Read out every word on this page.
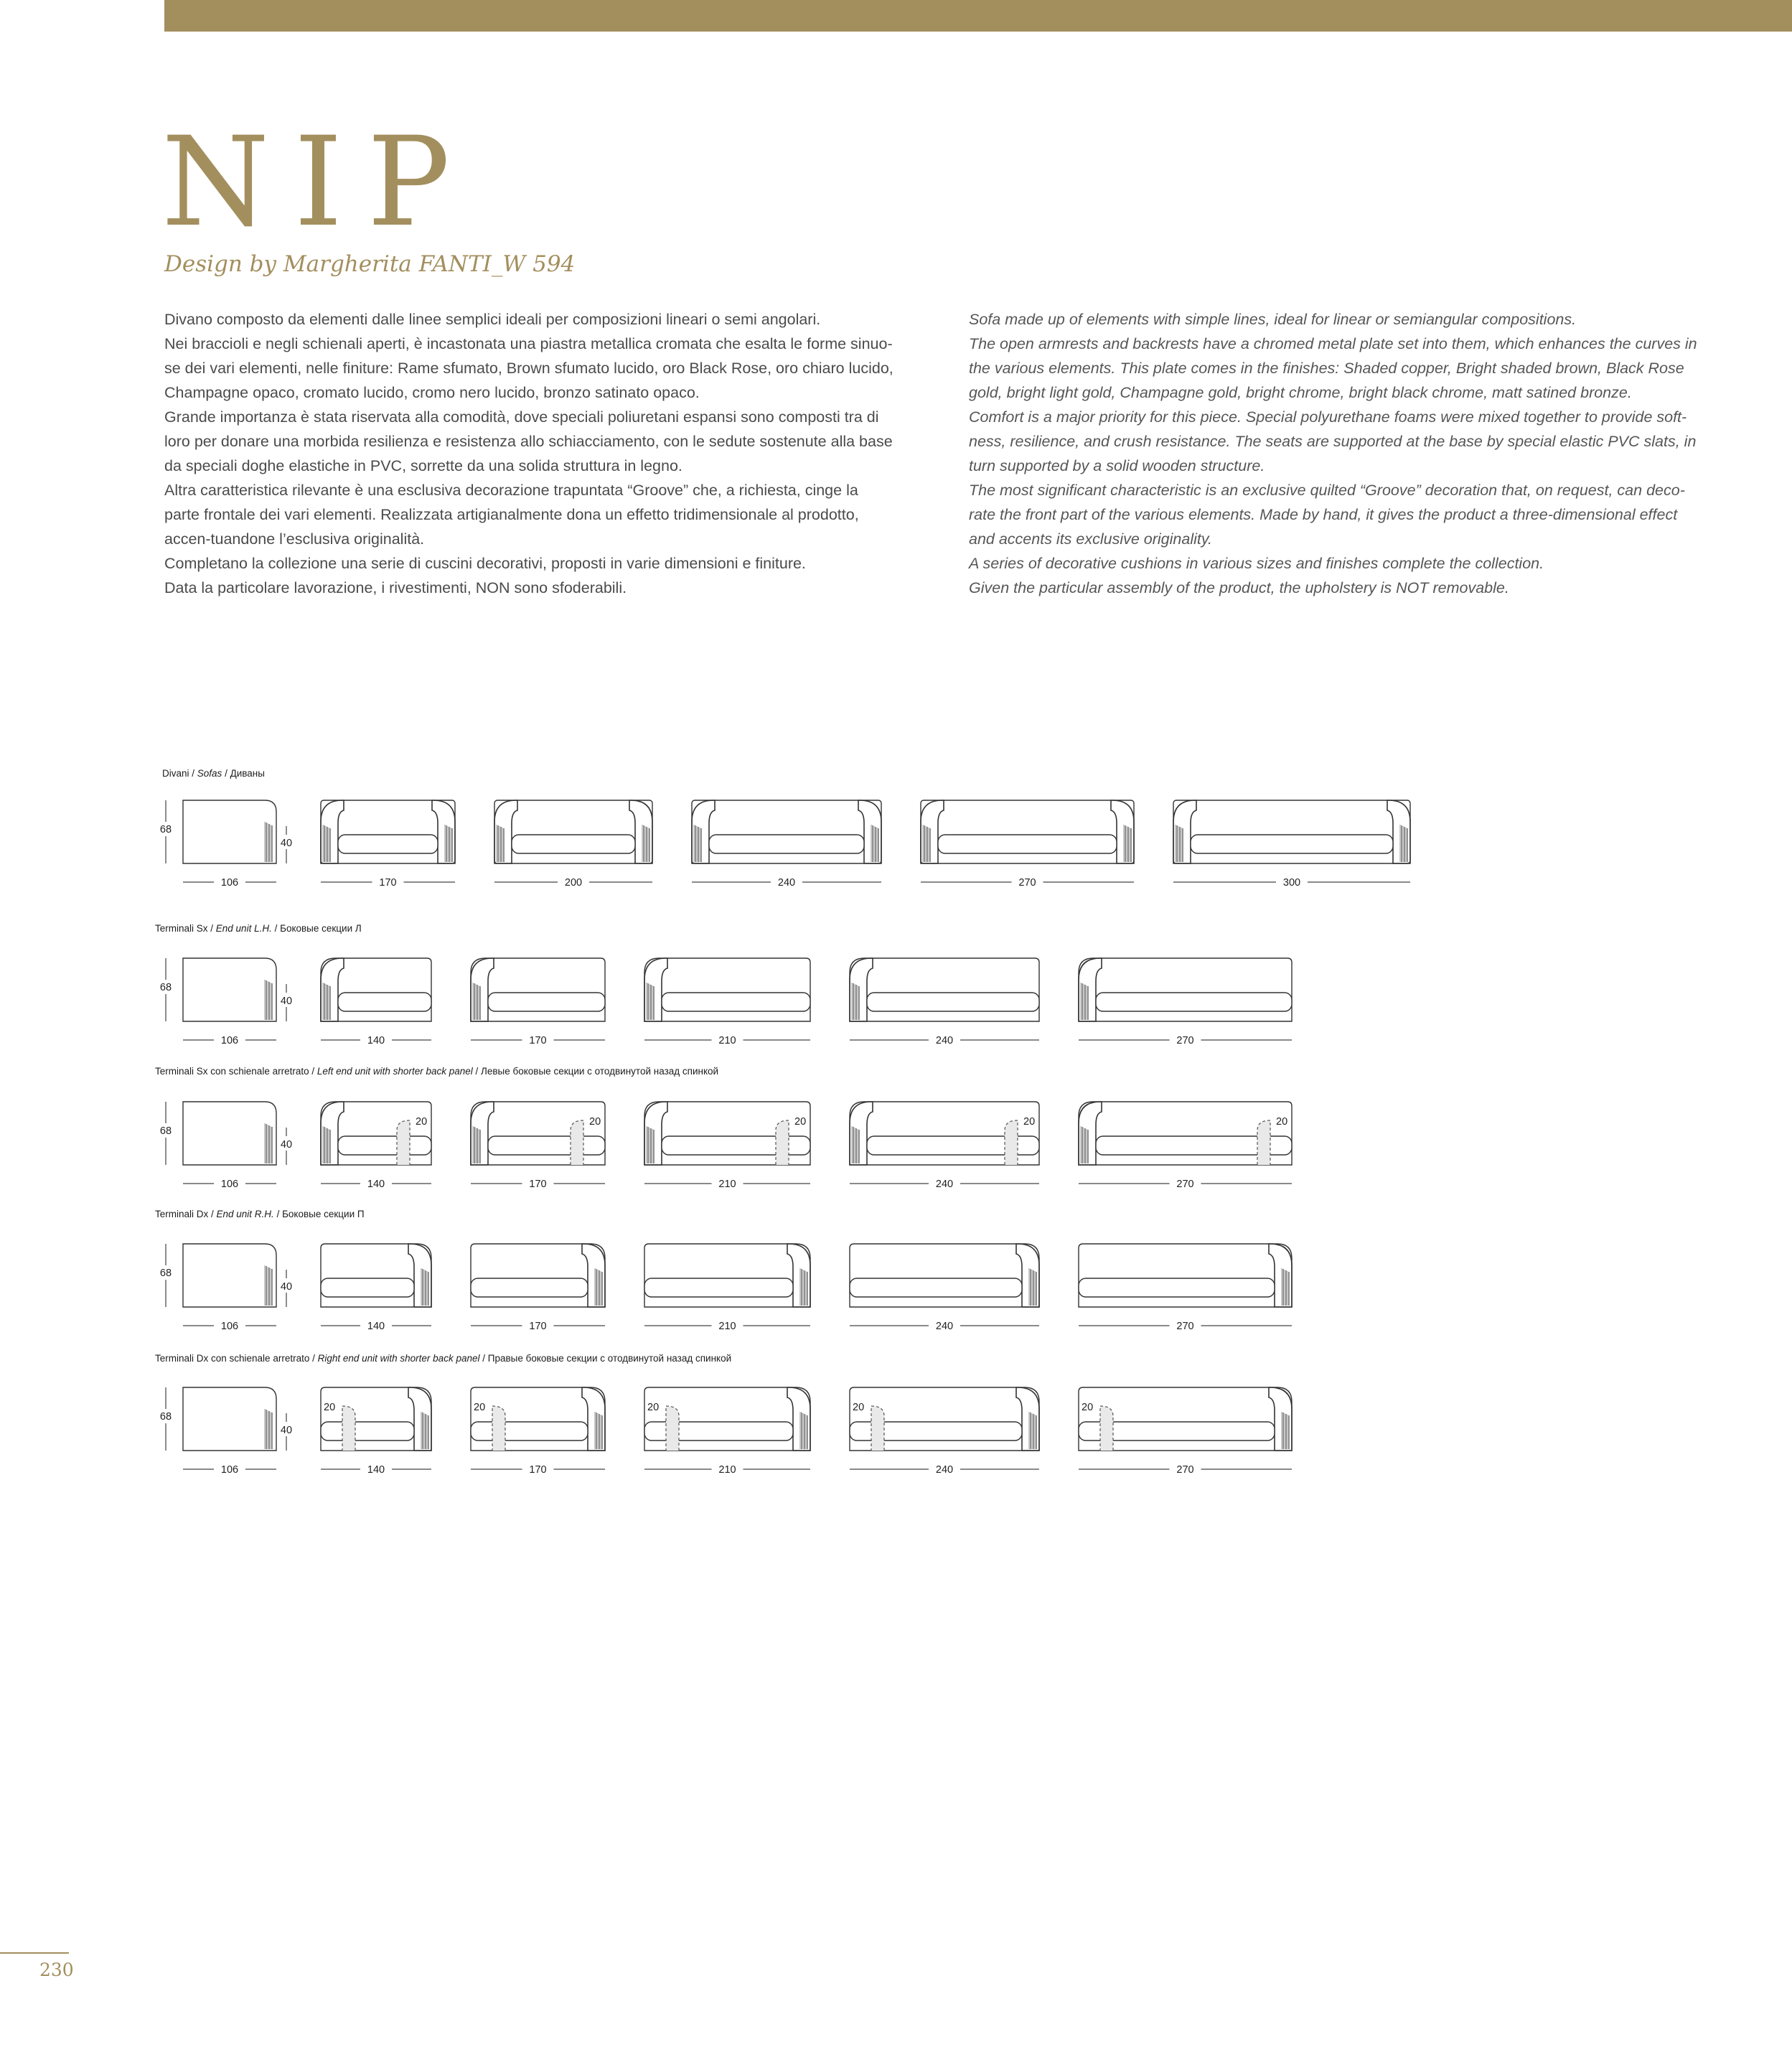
NIP
Design by Margherita FANTI_W 594

Divano composto da elementi dalle linee semplici ideali per composizioni lineari o semi angolari.

Nei braccioli e negli schienali aperti, è incastonata una piastra metallica cromata che esalta le forme sinuo-se dei vari elementi, nelle finiture: Rame sfumato, Brown sfumato lucido, oro Black Rose, oro chiaro lucido, Champagne opaco, cromato lucido, cromo nero lucido, bronzo satinato opaco.

Grande importanza è stata riservata alla comodità, dove speciali poliuretani espansi sono composti tra di loro per donare una morbida resilienza e resistenza allo schiacciamento, con le sedute sostenute alla base da speciali doghe elastiche in PVC, sorrette da una solida struttura in legno.

Altra caratteristica rilevante è una esclusiva decorazione trapuntata “Groove” che, a richiesta, cinge la parte frontale dei vari elementi. Realizzata artigianalmente dona un effetto tridimensionale al prodotto, accen-tuandone l’esclusiva originalità.

Completano la collezione una serie di cuscini decorativi, proposti in varie dimensioni e finiture.

Data la particolare lavorazione, i rivestimenti, NON sono sfoderabili.

Sofa made up of elements with simple lines, ideal for linear or semiangular compositions.

The open armrests and backrests have a chromed metal plate set into them, which enhances the curves in the various elements. This plate comes in the finishes: Shaded copper, Bright shaded brown, Black Rose gold, bright light gold, Champagne gold, bright chrome, bright black chrome, matt satined bronze.

Comfort is a major priority for this piece. Special polyurethane foams were mixed together to provide soft-ness, resilience, and crush resistance. The seats are supported at the base by special elastic PVC slats, in turn supported by a solid wooden structure.

The most significant characteristic is an exclusive quilted “Groove” decoration that, on request, can deco-rate the front part of the various elements. Made by hand, it gives the product a three-dimensional effect and accents its exclusive originality.

A series of decorative cushions in various sizes and finishes complete the collection.

Given the particular assembly of the product, the upholstery is NOT removable.

Divani / Sofas / Диваны
Terminali Sx / End unit L.H. / Боковые секции Л
Terminali Sx con schienale arretrato / Left end unit with shorter back panel / Левые боковые секции с отодвинутой назад спинкой
Terminali Dx / End unit R.H. / Боковые секции П
Terminali Dx con schienale arretrato / Right end unit with shorter back panel / Правые боковые секции с отодвинутой назад спинкой
68
40
106	170	200	240	270	300
68
40
106	140	170	210	240	270
68
40
106
20
140
20
170
20
210
20
240
20
270
68
40
106	140	170	210	240	270
68
40
106
20
140
20
170
20
210
20
240
20
270
230
